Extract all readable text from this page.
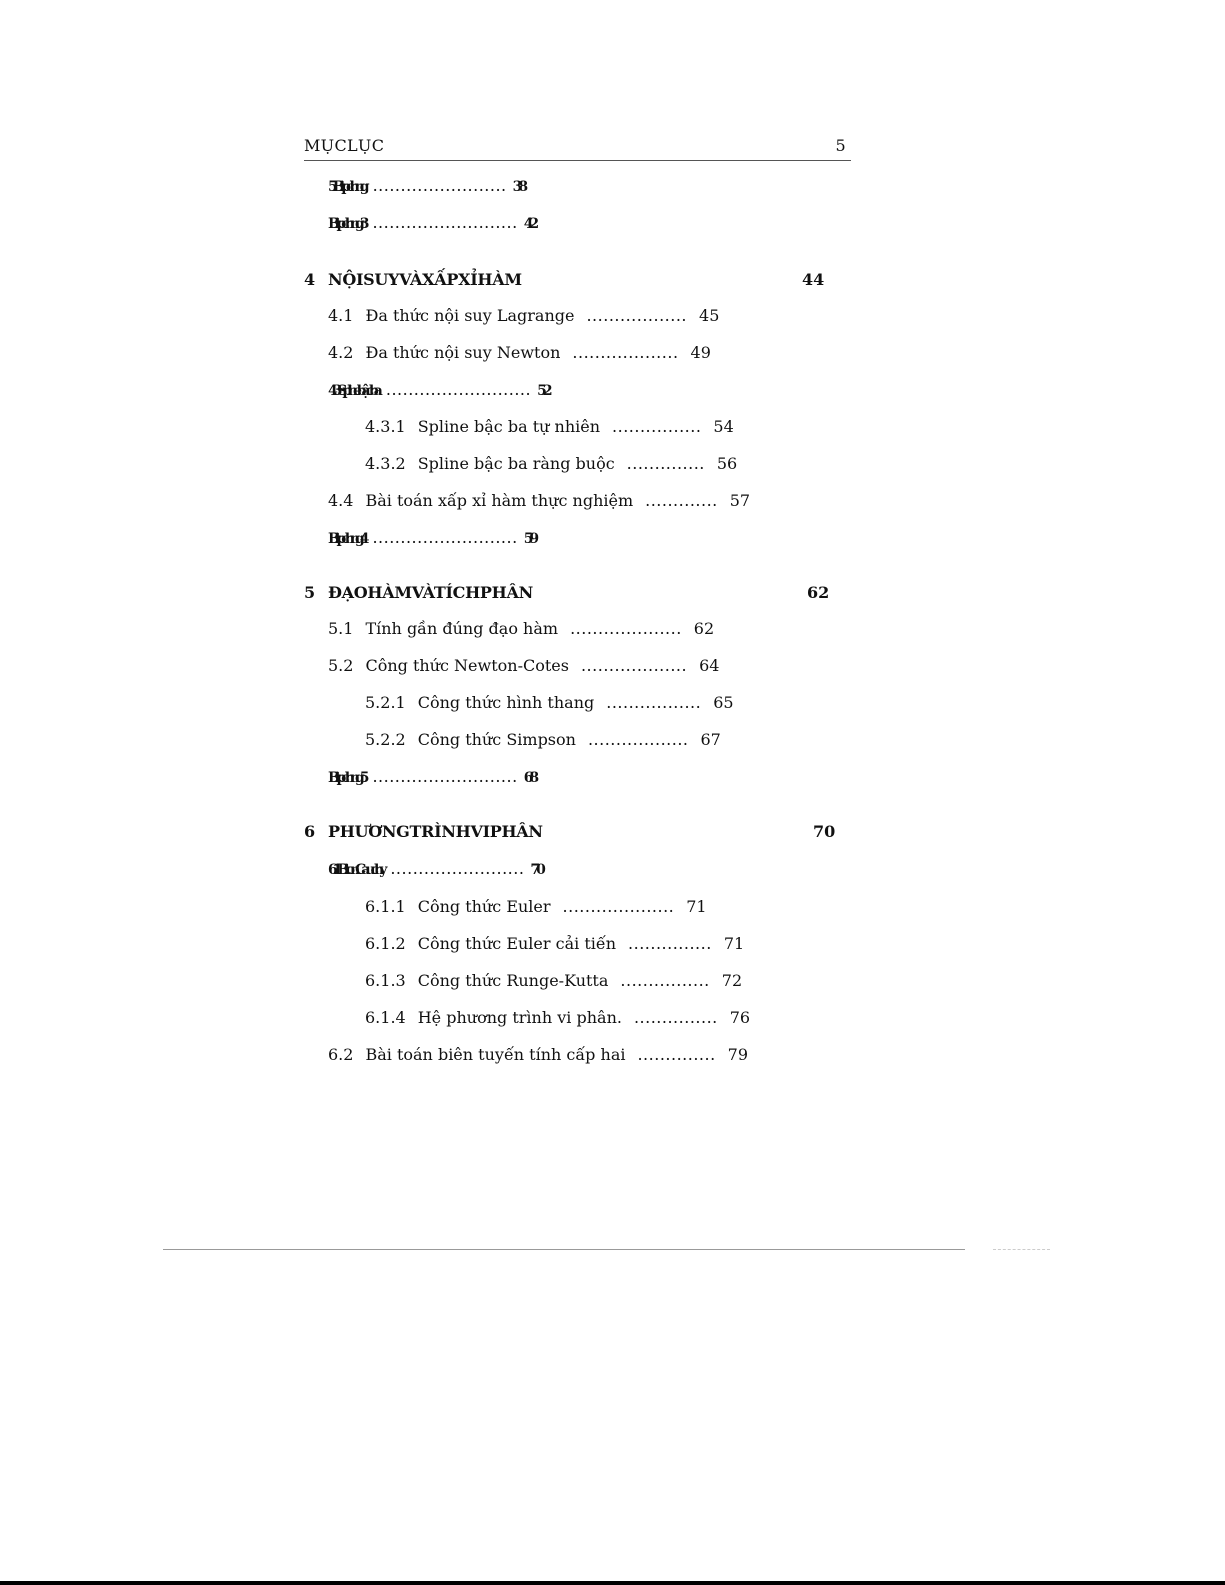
MỤCLỤC	5
5Bi tpch ng ........................ 38
Bi tpch ng 3 .......................... 42
4 NỘISUYVÀXẤPXỈHÀM	44
4.1 Đa thức nội suy Lagrange .................. 45
4.2 Đa thức nội suy Newton ................... 49
4.3 Spline bậc ba .......................... 52
4.3.1 Spline bậc ba tự nhiên ................ 54
4.3.2 Spline bậc ba ràng buộc .............. 56
4.4 Bài toán xấp xỉ hàm thực nghiệm ............. 57
Bi tpch ng 4 .......................... 59
5 ĐẠOHÀMVÀTÍCHPHÂN	62
5.1 Tính gần đúng đạo hàm .................... 62
5.2 Công thức Newton-Cotes ................... 64
5.2.1 Công thức hình thang ................. 65
5.2.2 Công thức Simpson .................. 67
Bi tpch ng 5 .......................... 68
6 PHƯƠNGTRÌNHVIPHÂN	70
6.1 Bi ton Cauchy ........................ 70
6.1.1 Công thức Euler .................... 71
6.1.2 Công thức Euler cải tiến ............... 71
6.1.3 Công thức Runge-Kutta ................ 72
6.1.4 Hệ phương trình vi phân. ............... 76
6.2 Bài toán biên tuyến tính cấp hai .............. 79
